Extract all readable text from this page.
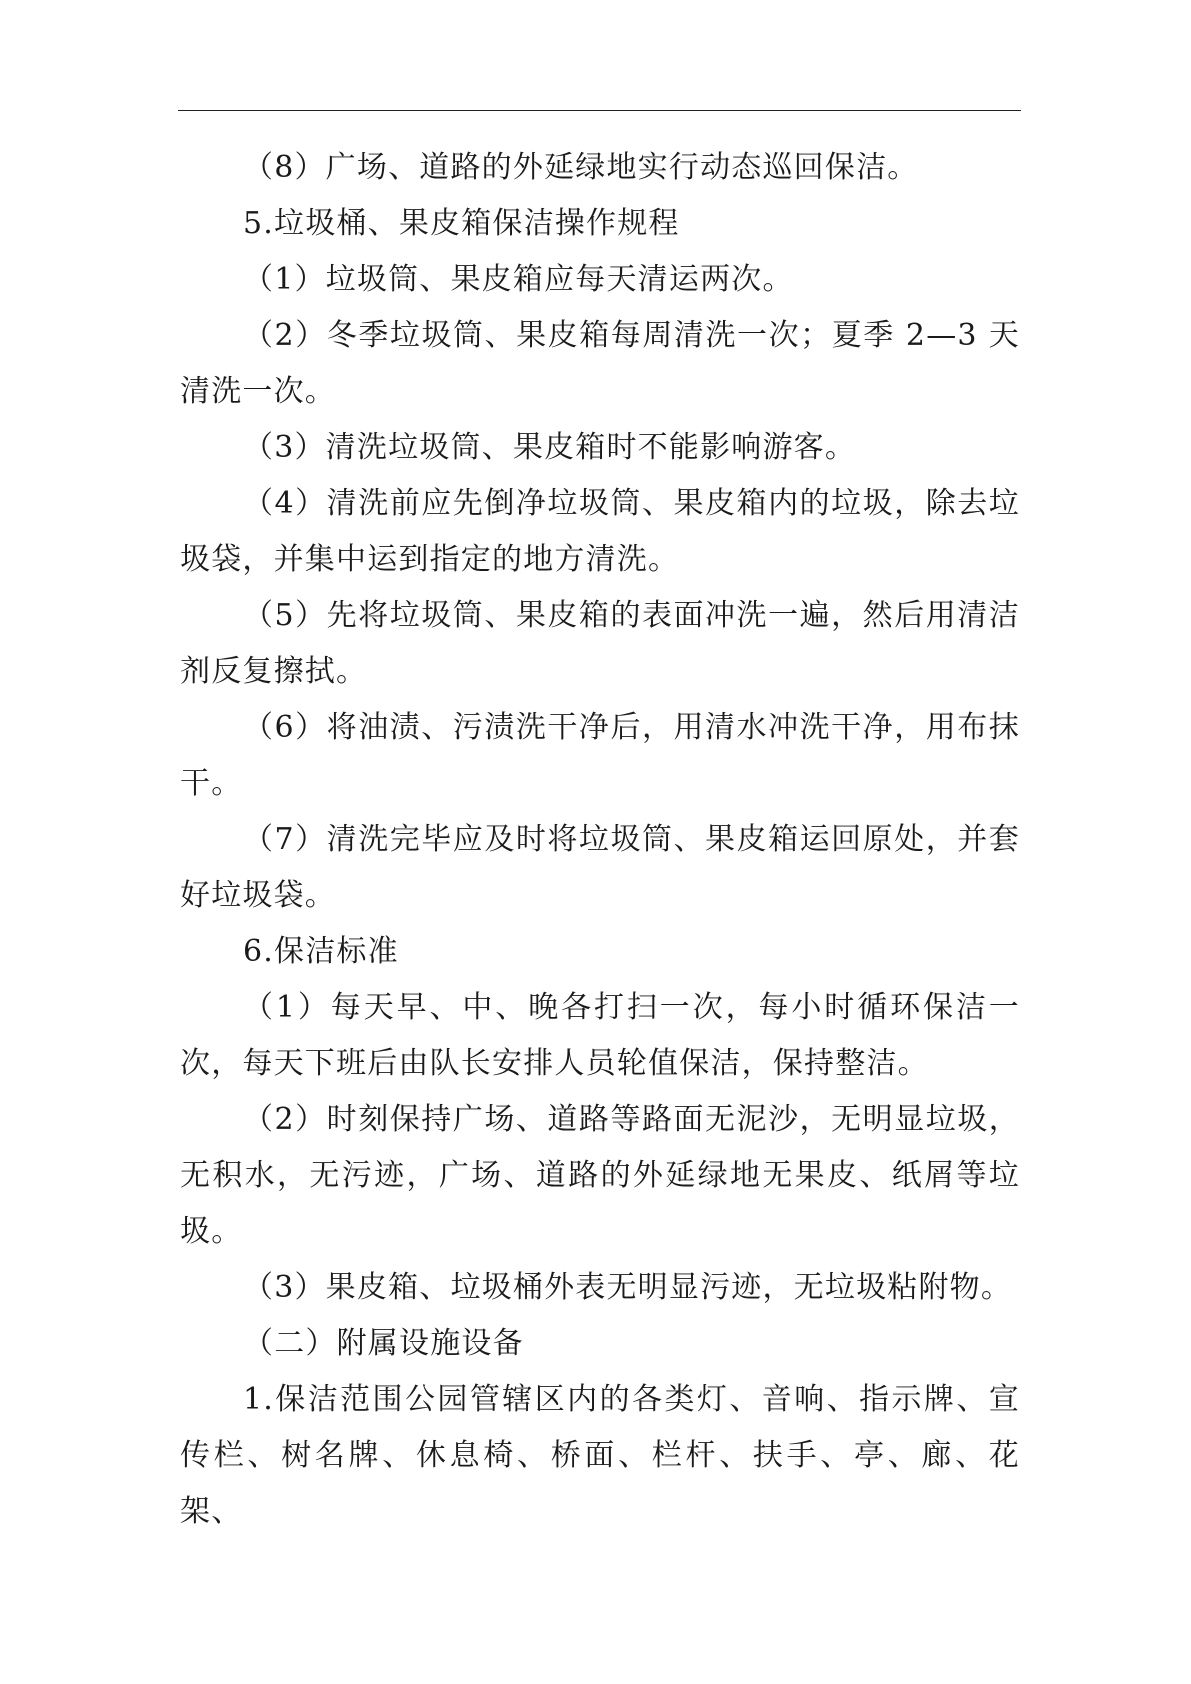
（8）广场、道路的外延绿地实行动态巡回保洁。

5.垃圾桶、果皮箱保洁操作规程

（1）垃圾筒、果皮箱应每天清运两次。

（2）冬季垃圾筒、果皮箱每周清洗一次；夏季 2—3 天清洗一次。

（3）清洗垃圾筒、果皮箱时不能影响游客。

（4）清洗前应先倒净垃圾筒、果皮箱内的垃圾，除去垃圾袋，并集中运到指定的地方清洗。

（5）先将垃圾筒、果皮箱的表面冲洗一遍，然后用清洁剂反复擦拭。

（6）将油渍、污渍洗干净后，用清水冲洗干净，用布抹干。

（7）清洗完毕应及时将垃圾筒、果皮箱运回原处，并套好垃圾袋。

6.保洁标准

（1）每天早、中、晚各打扫一次，每小时循环保洁一次，每天下班后由队长安排人员轮值保洁，保持整洁。

（2）时刻保持广场、道路等路面无泥沙，无明显垃圾，无积水，无污迹，广场、道路的外延绿地无果皮、纸屑等垃圾。

（3）果皮箱、垃圾桶外表无明显污迹，无垃圾粘附物。

（二）附属设施设备

1.保洁范围公园管辖区内的各类灯、音响、指示牌、宣传栏、树名牌、休息椅、桥面、栏杆、扶手、亭、廊、花架、
